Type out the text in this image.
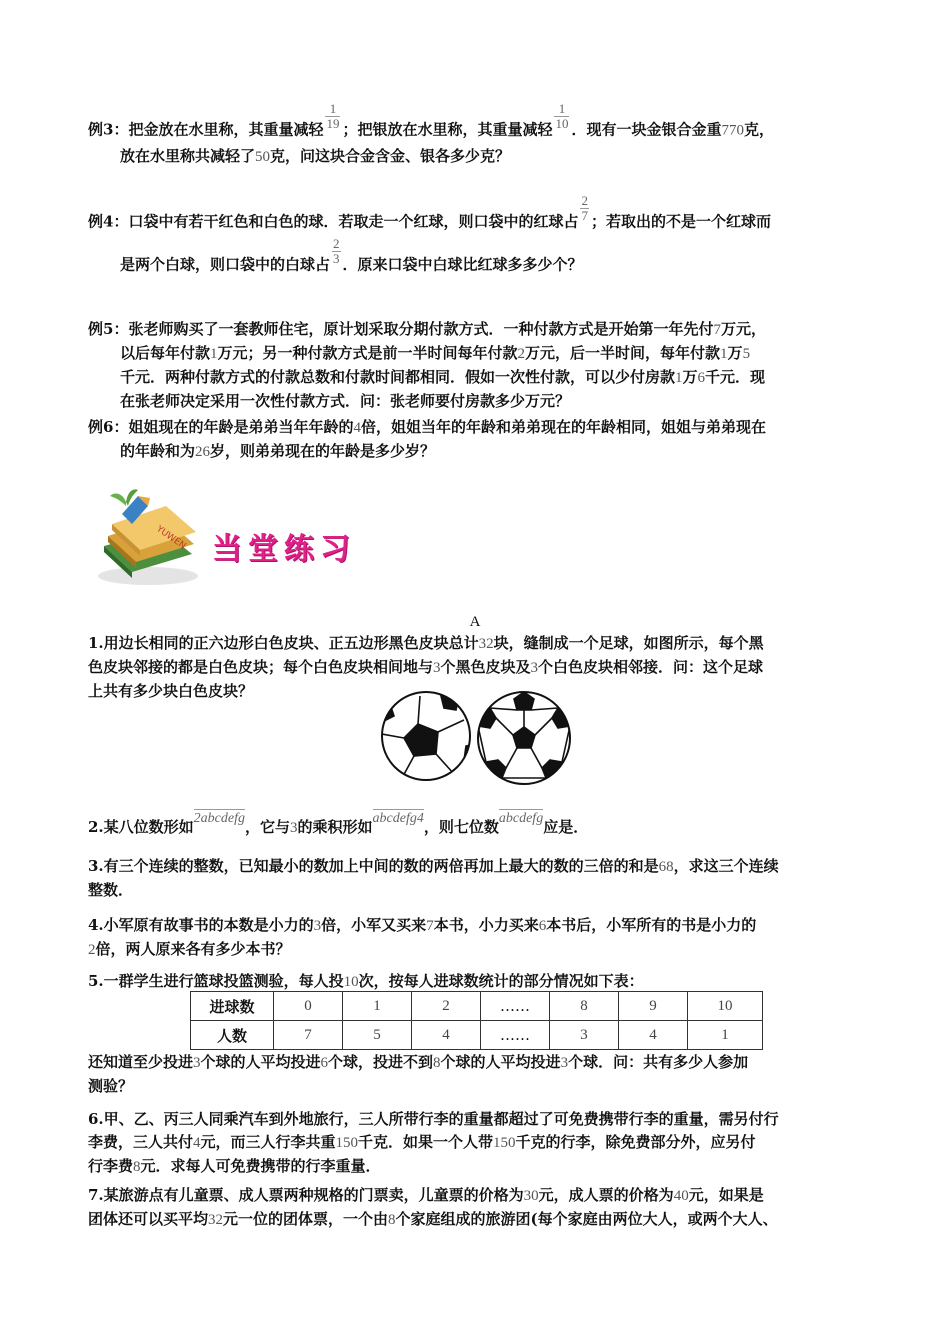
例3：把金放在水里称，其重量减轻 $\frac{1}{19}$ ；把银放在水里称，其重量减轻 $\frac{1}{10}$ ．现有一块金银合金重770克，
放在水里称共减轻了50克，问这块合金含金、银各多少克？
例4：口袋中有若干红色和白色的球．若取走一个红球，则口袋中的红球占 $\frac{2}{7}$ ；若取出的不是一个红球而
是两个白球，则口袋中的白球占 $\frac{2}{3}$ ．原来口袋中白球比红球多多少个？
例5：张老师购买了一套教师住宅，原计划采取分期付款方式．一种付款方式是开始第一年先付7万元，
以后每年付款1万元；另一种付款方式是前一半时间每年付款2万元，后一半时间，每年付款1万5
千元．两种付款方式的付款总数和付款时间都相同．假如一次性付款，可以少付房款1万6千元．现
在张老师决定采用一次性付款方式．问：张老师要付房款多少万元？
例6：姐姐现在的年龄是弟弟当年年龄的4倍，姐姐当年的年龄和弟弟现在的年龄相同，姐姐与弟弟现在
的年龄和为26岁，则弟弟现在的年龄是多少岁？
YUWEN 当堂练习
A
1.用边长相同的正六边形白色皮块、正五边形黑色皮块总计32块，缝制成一个足球，如图所示，每个黑
色皮块邻接的都是白色皮块；每个白色皮块相间地与3个黑色皮块及3个白色皮块相邻接．问：这个足球
上共有多少块白色皮块？
2.某八位数形如2abcdefg，它与3的乘积形如abcdefg4，则七位数abcdefg应是．
3.有三个连续的整数，已知最小的数加上中间的数的两倍再加上最大的数的三倍的和是68，求这三个连续
整数．
4.小军原有故事书的本数是小力的3倍，小军又买来7本书，小力买来6本书后，小军所有的书是小力的
2倍，两人原来各有多少本书？
5.一群学生进行篮球投篮测验，每人投10次，按每人进球数统计的部分情况如下表：
进球数	0	1	2	……	8	9	10
人数	7	5	4	……	3	4	1
还知道至少投进3个球的人平均投进6个球，投进不到8个球的人平均投进3个球．问：共有多少人参加
测验？
6.甲、乙、丙三人同乘汽车到外地旅行，三人所带行李的重量都超过了可免费携带行李的重量，需另付行
李费，三人共付4元，而三人行李共重150千克．如果一个人带150千克的行李，除免费部分外，应另付
行李费8元．求每人可免费携带的行李重量．
7.某旅游点有儿童票、成人票两种规格的门票卖，儿童票的价格为30元，成人票的价格为40元，如果是
团体还可以买平均32元一位的团体票，一个由8个家庭组成的旅游团(每个家庭由两位大人，或两个大人、
